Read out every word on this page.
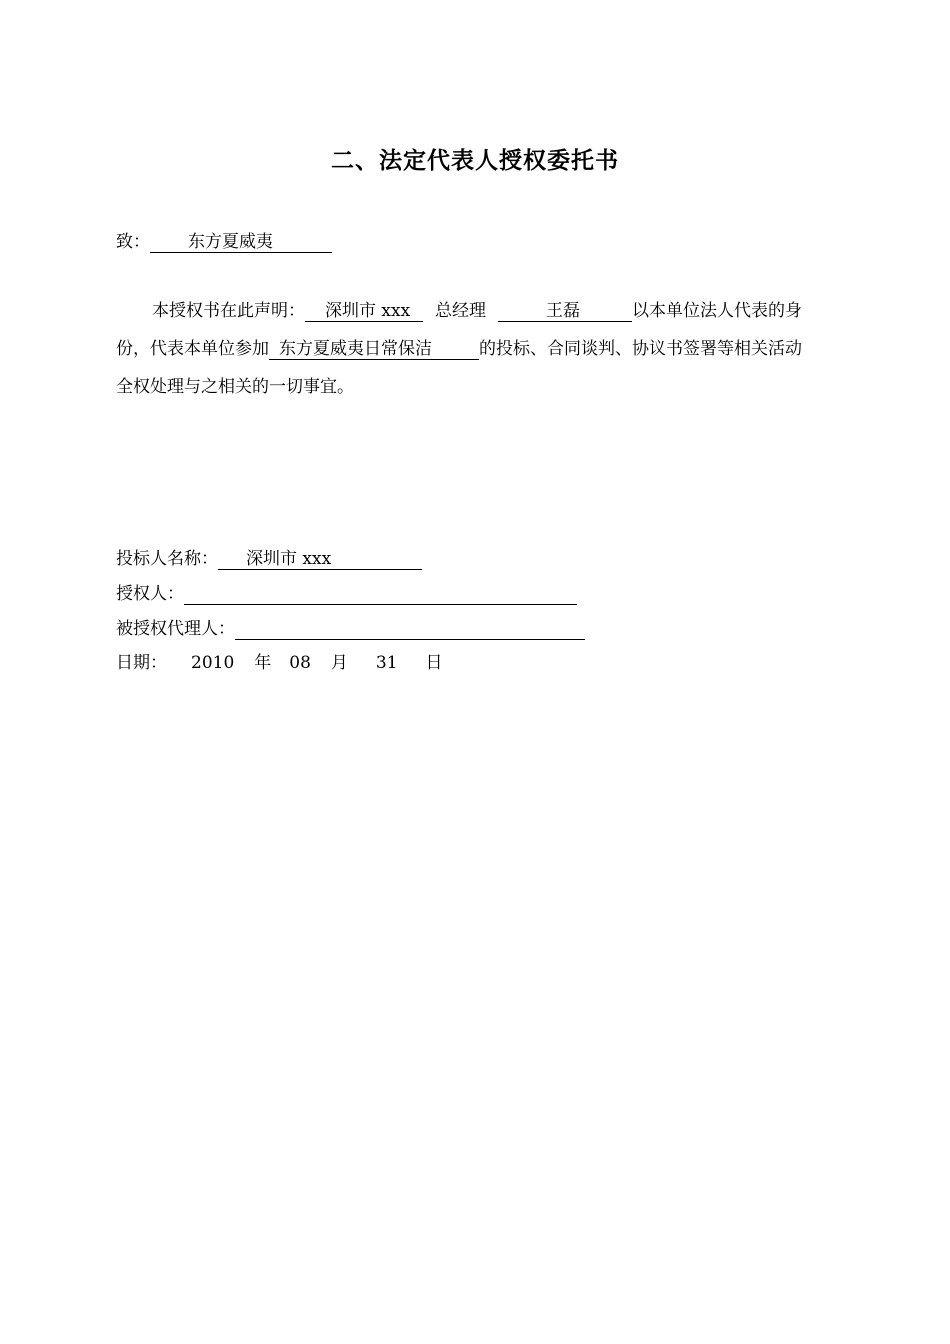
二、法定代表人授权委托书
致： 东方夏威夷
本授权书在此声明： 深圳市 xxx 总经理	王磊	以本单位法人代表的身
份，代表本单位参加 东方夏威夷日常保洁	的投标、合同谈判、协议书签署等相关活动
全权处理与之相关的一切事宜。
投标人名称： 深圳市 xxx
授权人：
被授权代理人：
日期： 2010 年 08 月 31 日
